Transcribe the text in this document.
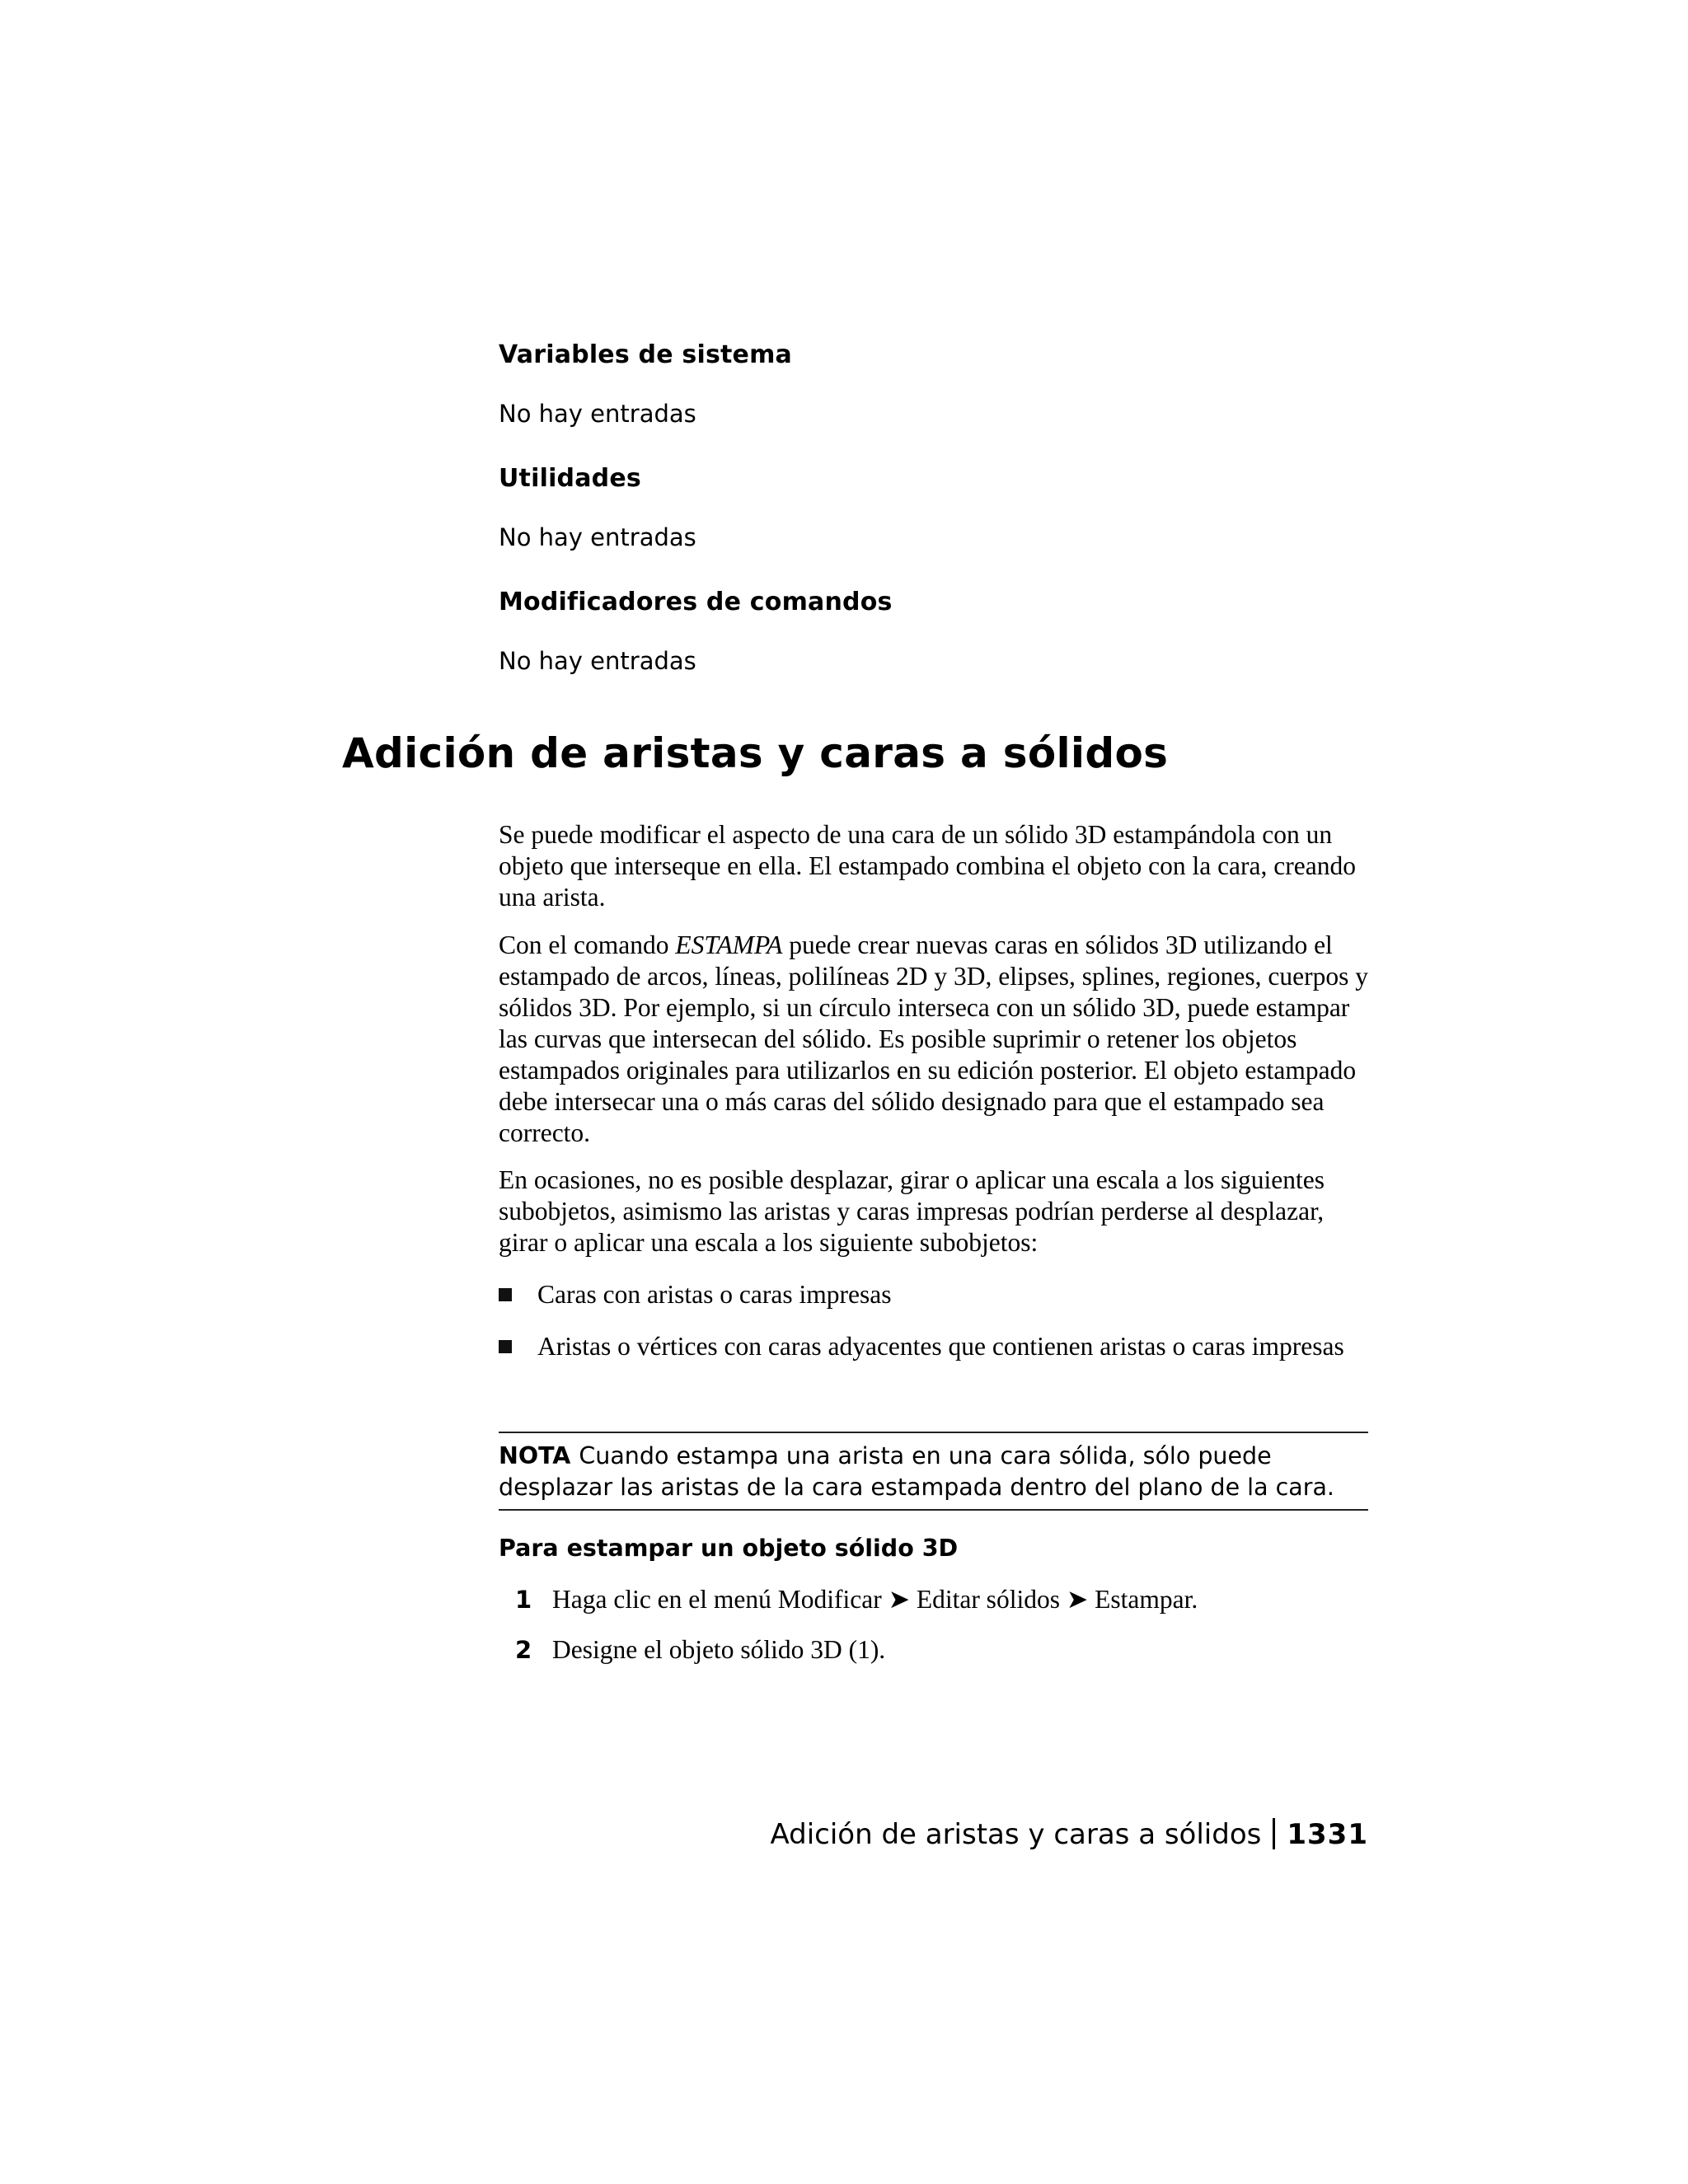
Variables de sistema
No hay entradas
Utilidades
No hay entradas
Modificadores de comandos
No hay entradas
Adición de aristas y caras a sólidos

Se puede modificar el aspecto de una cara de un sólido 3D estampándola con un objeto que interseque en ella. El estampado combina el objeto con la cara, creando una arista.

Con el comando ESTAMPA puede crear nuevas caras en sólidos 3D utilizando el estampado de arcos, líneas, polilíneas 2D y 3D, elipses, splines, regiones, cuerpos y sólidos 3D. Por ejemplo, si un círculo interseca con un sólido 3D, puede estampar las curvas que intersecan del sólido. Es posible suprimir o retener los objetos estampados originales para utilizarlos en su edición posterior. El objeto estampado debe intersecar una o más caras del sólido designado para que el estampado sea correcto.

En ocasiones, no es posible desplazar, girar o aplicar una escala a los siguientes subobjetos, asimismo las aristas y caras impresas podrían perderse al desplazar, girar o aplicar una escala a los siguiente subobjetos:

Caras con aristas o caras impresas
Aristas o vértices con caras adyacentes que contienen aristas o caras impresas
NOTA Cuando estampa una arista en una cara sólida, sólo puede desplazar las aristas de la cara estampada dentro del plano de la cara.
Para estampar un objeto sólido 3D
1 Haga clic en el menú Modificar ➤ Editar sólidos ➤ Estampar.
2 Designe el objeto sólido 3D (1).
Adición de aristas y caras a sólidos 1331
